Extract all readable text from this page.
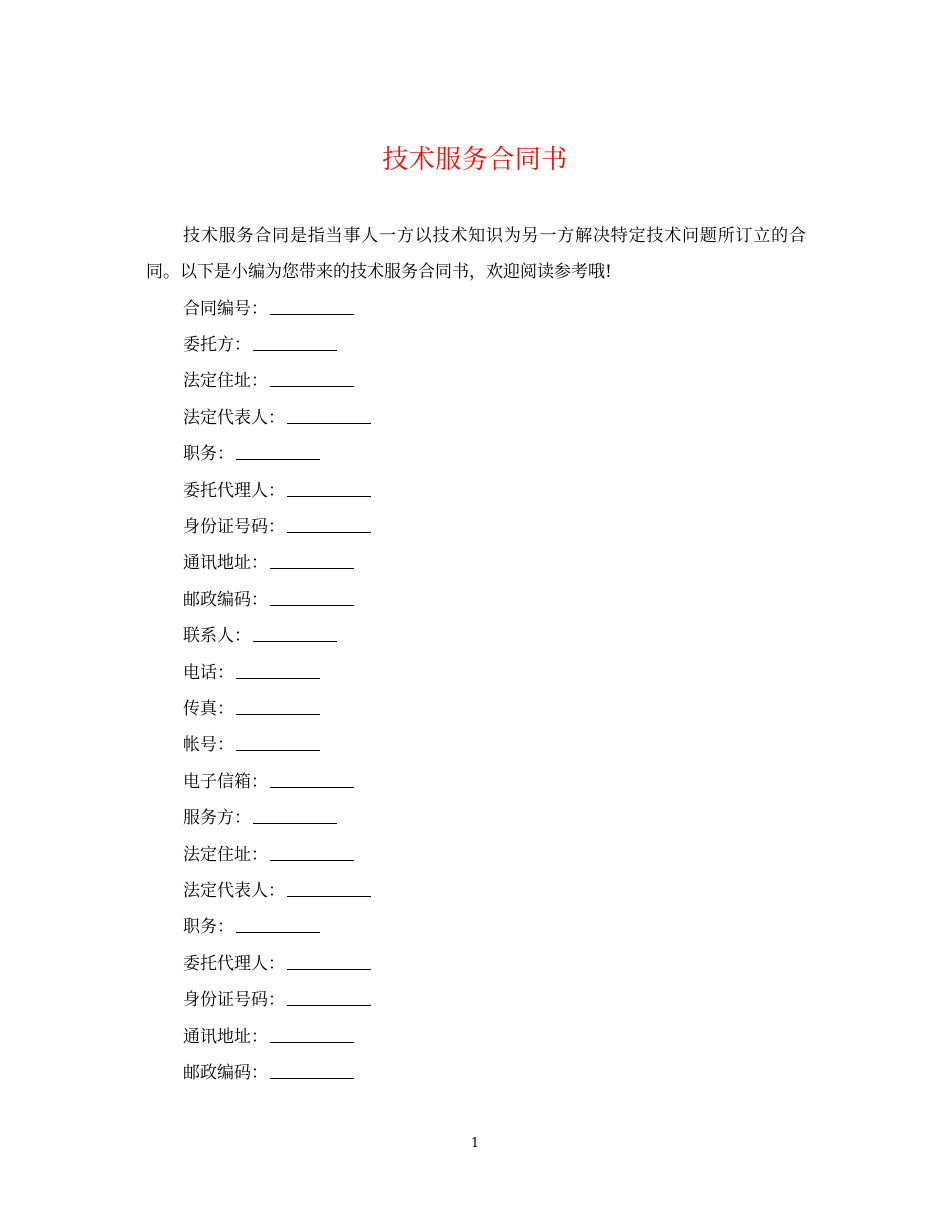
技术服务合同书
技术服务合同是指当事人一方以技术知识为另一方解决特定技术问题所订立的合同。以下是小编为您带来的技术服务合同书，欢迎阅读参考哦!
合同编号：
委托方：
法定住址：
法定代表人：
职务：
委托代理人：
身份证号码：
通讯地址：
邮政编码：
联系人：
电话：
传真：
帐号：
电子信箱：
服务方：
法定住址：
法定代表人：
职务：
委托代理人：
身份证号码：
通讯地址：
邮政编码：
1
